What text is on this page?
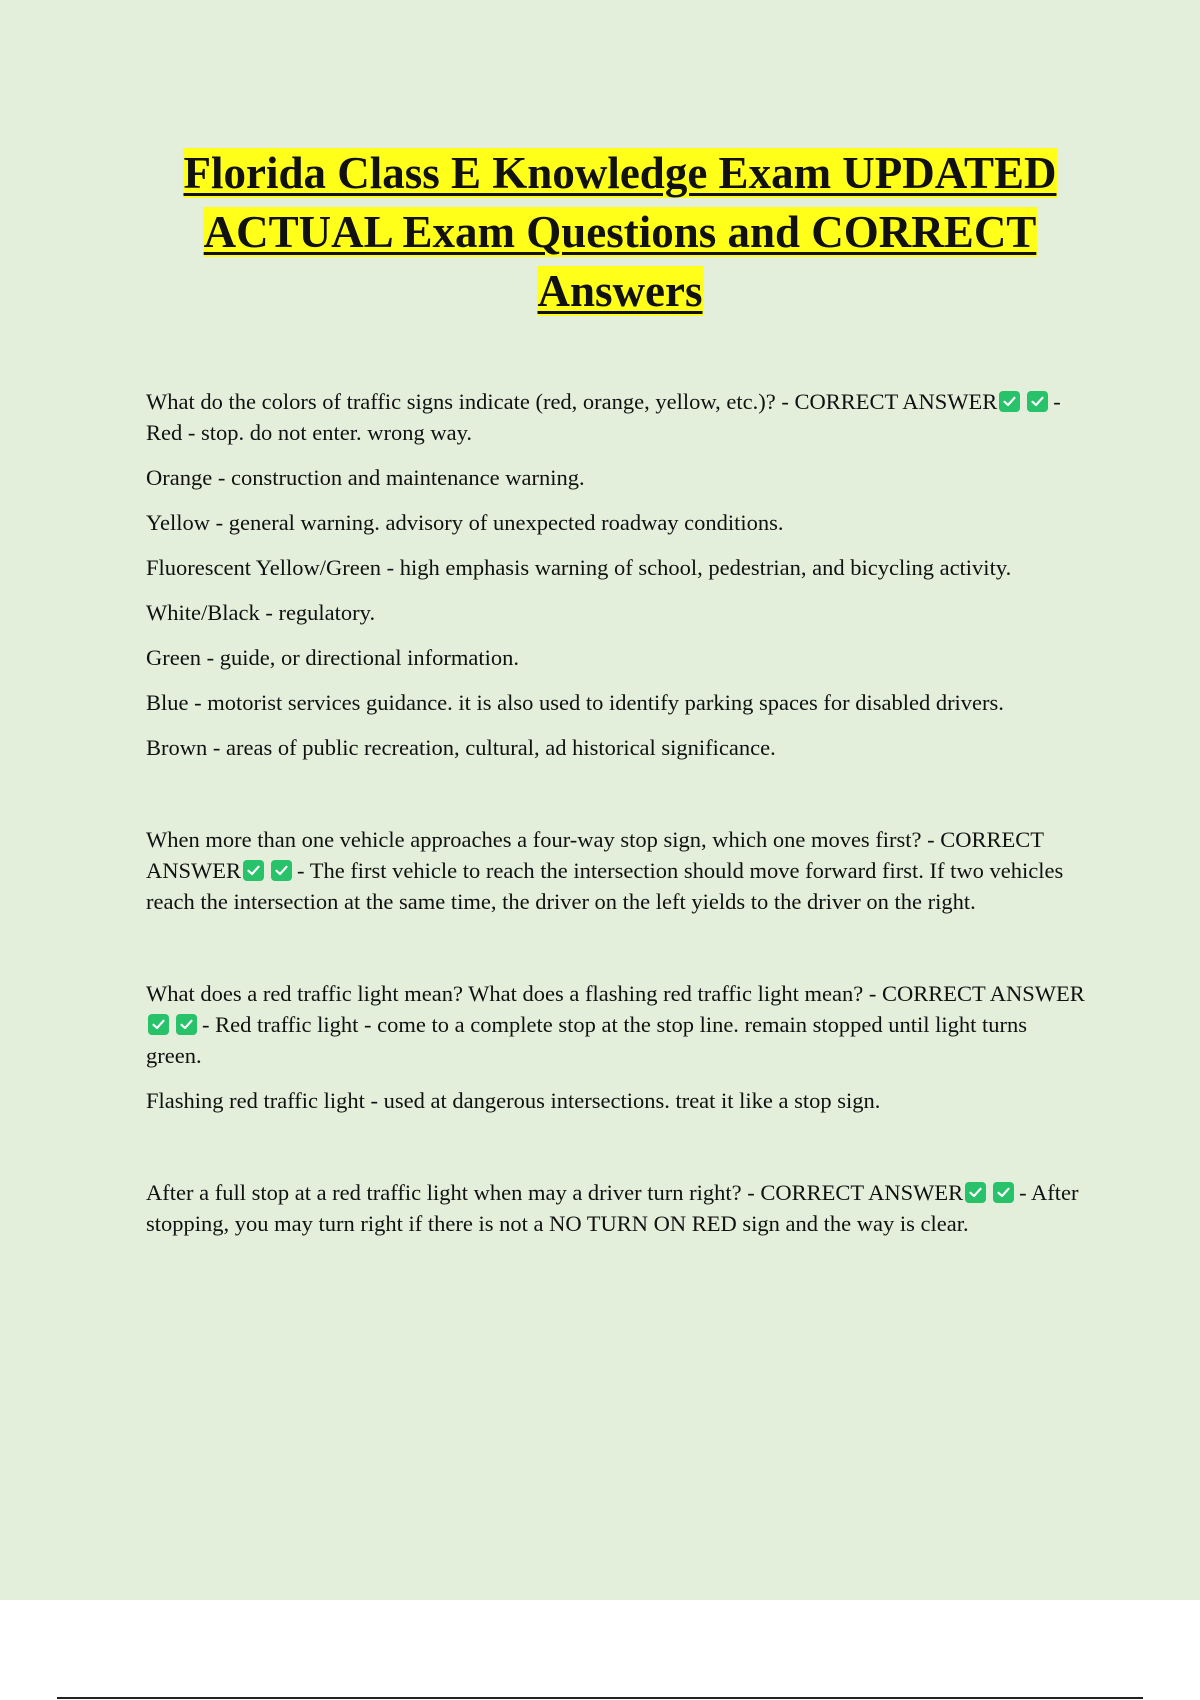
Florida Class E Knowledge Exam UPDATED
ACTUAL Exam Questions and CORRECT
Answers

What do the colors of traffic signs indicate (red, orange, yellow, etc.)? - CORRECT ANSWER - Red - stop. do not enter. wrong way.

Orange - construction and maintenance warning.

Yellow - general warning. advisory of unexpected roadway conditions.

Fluorescent Yellow/Green - high emphasis warning of school, pedestrian, and bicycling activity.

White/Black - regulatory.

Green - guide, or directional information.

Blue - motorist services guidance. it is also used to identify parking spaces for disabled drivers.

Brown - areas of public recreation, cultural, ad historical significance.

When more than one vehicle approaches a four-way stop sign, which one moves first? - CORRECT ANSWER - The first vehicle to reach the intersection should move forward first. If two vehicles reach the intersection at the same time, the driver on the left yields to the driver on the right.

What does a red traffic light mean? What does a flashing red traffic light mean? - CORRECT ANSWER
- Red traffic light - come to a complete stop at the stop line. remain stopped until light turns green.

Flashing red traffic light - used at dangerous intersections. treat it like a stop sign.

After a full stop at a red traffic light when may a driver turn right? - CORRECT ANSWER - After stopping, you may turn right if there is not a NO TURN ON RED sign and the way is clear.
